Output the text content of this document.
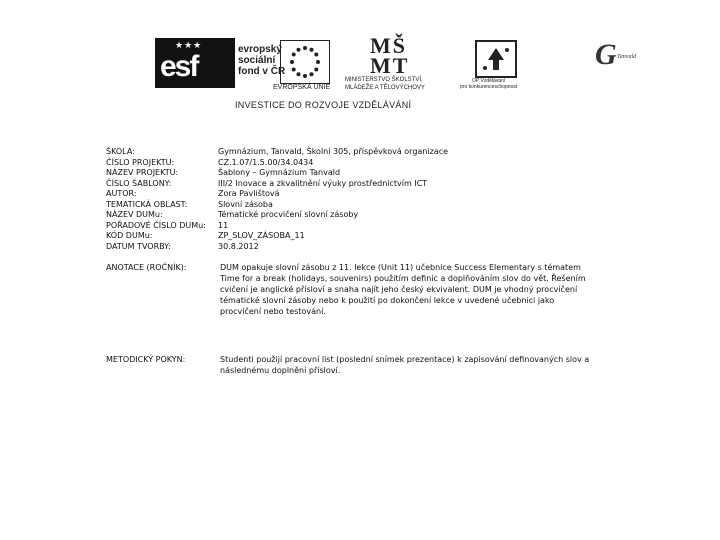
★★★
esf
evropský
sociální
fond v ČR
EVROPSKÁ UNIE
MŠ
MT
MINISTERSTVO ŠKOLSTVÍ,
MLÁDEŽE A TĚLOVÝCHOVY
OP Vzdělávání
pro konkurenceschopnost
G Tanvald
INVESTICE DO ROZVOJE VZDĚLÁVÁNÍ
ŠKOLA:	Gymnázium, Tanvald, Školní 305, příspěvková organizace
ČÍSLO PROJEKTU:	CZ.1.07/1.5.00/34.0434
NÁZEV PROJEKTU:	Šablony – Gymnázium Tanvald
ČÍSLO ŠABLONY:	III/2 Inovace a zkvalitnění výuky prostřednictvím ICT
AUTOR:	Zora Pavlištová
TEMATICKÁ OBLAST:	Slovní zásoba
NÁZEV DUMu:	Tématické procvičení slovní zásoby
POŘADOVÉ ČÍSLO DUMu:	11
KÓD DUMu:	ZP_SLOV_ZÁSOBA_11
DATUM TVORBY:	30.8.2012
ANOTACE (ROČNÍK):	DUM opakuje slovní zásobu z 11. lekce (Unit 11) učebnice Success Elementary s tématem Time for a break (holidays, souvenirs) použitím definic a doplňováním slov do vět. Řešením cvičení je anglické přísloví a snaha najít jeho český ekvivalent. DUM je vhodný procvičení tématické slovní zásoby nebo k použití po dokončení lekce v uvedené učebnici jako procvičení nebo testování.
METODICKÝ POKYN:	Studenti použijí pracovní list (poslední snímek prezentace) k zapisování definovaných slov a následnému doplnění přísloví.
